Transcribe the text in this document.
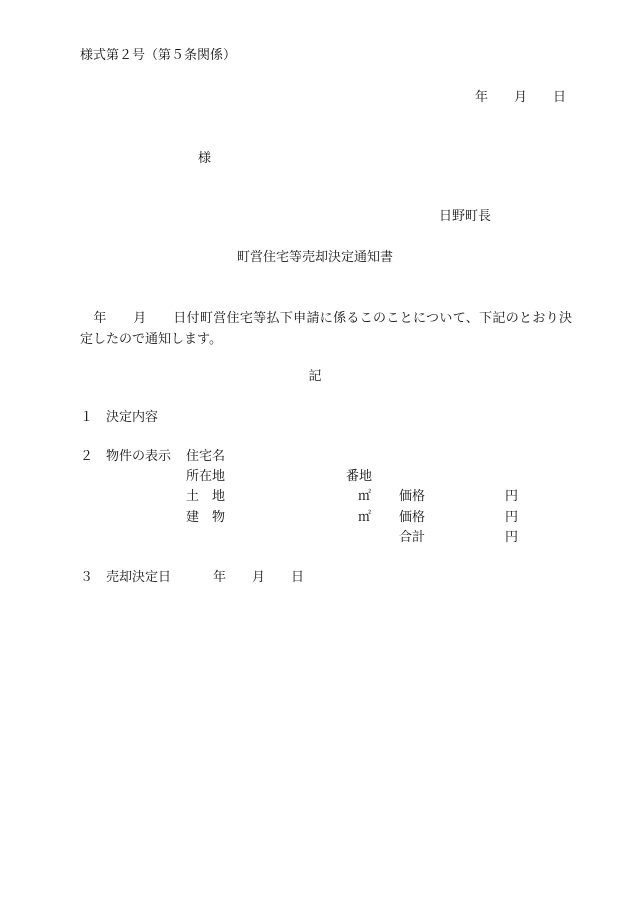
様式第２号（第５条関係）
年　　月　　日
様
日野町長
町営住宅等売却決定通知書
　年　　月　　日付町営住宅等払下申請に係るこのことについて、下記のとおり決定したので通知します。
記
１ 決定内容
２ 物件の表示 住宅名
所在地	番地
土　地	㎡ 価格	円
建　物	㎡ 価格	円
合計	円
３ 売却決定日	年　　月　　日
